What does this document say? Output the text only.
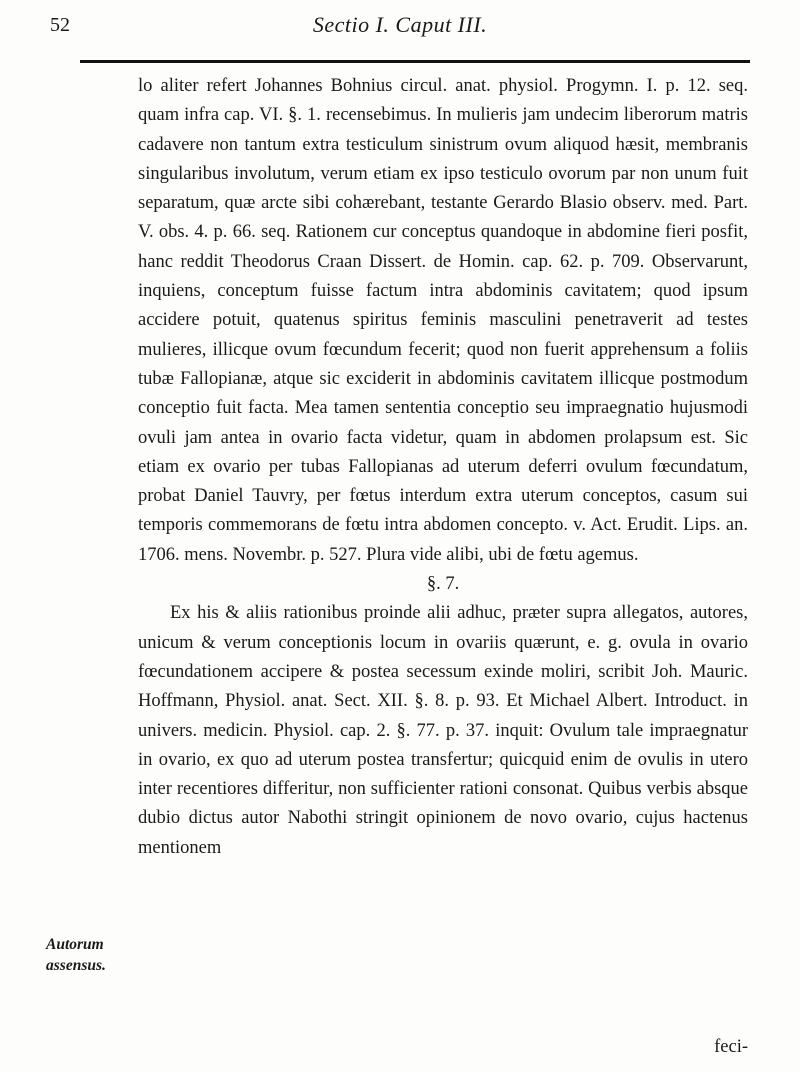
52	Sectio I. Caput III.

lo aliter refert Johannes Bohnius circul. anat. physiol. Progymn. I. p. 12. seq. quam infra cap. VI. §. 1. recensebimus. In mulieris jam undecim liberorum matris cadavere non tantum extra testiculum sinistrum ovum aliquod hæsit, membranis singularibus involutum, verum etiam ex ipso testiculo ovorum par non unum fuit separatum, quæ arcte sibi cohærebant, testante Gerardo Blasio observ. med. Part. V. obs. 4. p. 66. seq. Rationem cur conceptus quandoque in abdomine fieri posfit, hanc reddit Theodorus Craan Dissert. de Homin. cap. 62. p. 709. Observarunt, inquiens, conceptum fuisse factum intra abdominis cavitatem; quod ipsum accidere potuit, quatenus spiritus feminis masculini penetraverit ad testes mulieres, illicque ovum fœcundum fecerit; quod non fuerit apprehensum a foliis tubæ Fallopianæ, atque sic exciderit in abdominis cavitatem illicque postmodum conceptio fuit facta. Mea tamen sententia conceptio seu impraegnatio hujusmodi ovuli jam antea in ovario facta videtur, quam in abdomen prolapsum est. Sic etiam ex ovario per tubas Fallopianas ad uterum deferri ovulum fœcundatum, probat Daniel Tauvry, per fœtus interdum extra uterum conceptos, casum sui temporis commemorans de fœtu intra abdomen concepto. v. Act. Erudit. Lips. an. 1706. mens. Novembr. p. 527. Plura vide alibi, ubi de fœtu agemus.

§. 7.

Ex his & aliis rationibus proinde alii adhuc, præter supra allegatos, autores, unicum & verum conceptionis locum in ovariis quærunt, e. g. ovula in ovario fœcundationem accipere & postea secessum exinde moliri, scribit Joh. Mauric. Hoffmann, Physiol. anat. Sect. XII. §. 8. p. 93. Et Michael Albert. Introduct. in univers. medicin. Physiol. cap. 2. §. 77. p. 37. inquit: Ovulum tale impraegnatur in ovario, ex quo ad uterum postea transfertur; quicquid enim de ovulis in utero inter recentiores differitur, non sufficienter rationi consonat. Quibus verbis absque dubio dictus autor Nabothi stringit opinionem de novo ovario, cujus hactenus mentionem

Autorum
assensus.
feci-
